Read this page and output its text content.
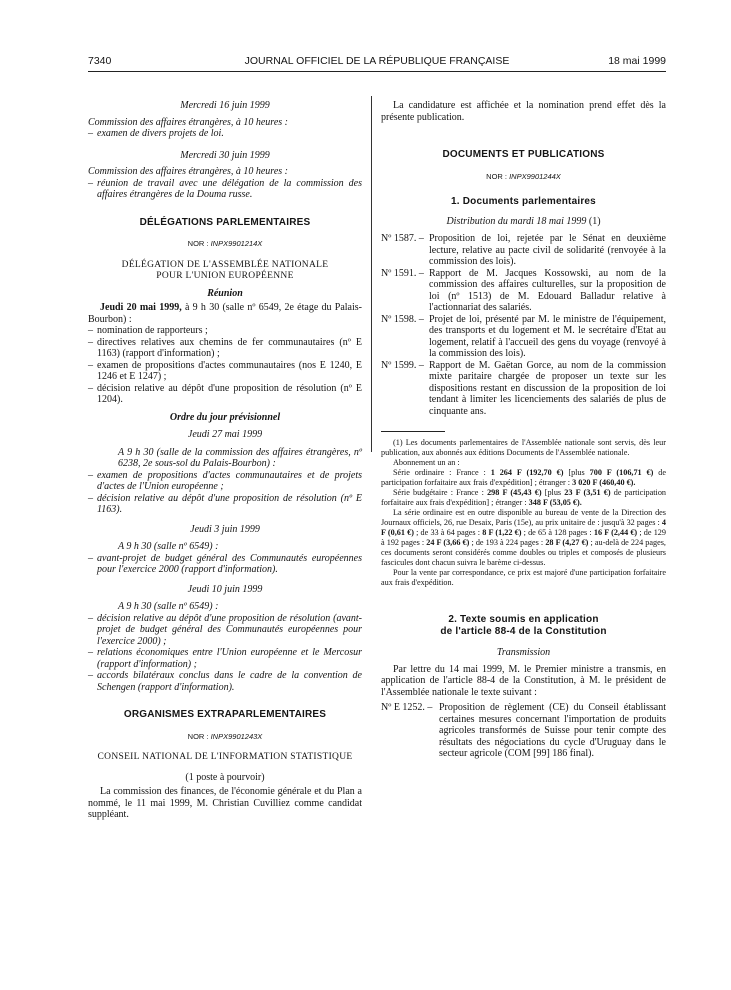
7340	JOURNAL OFFICIEL DE LA RÉPUBLIQUE FRANÇAISE	18 mai 1999

Mercredi 16 juin 1999

Commission des affaires étrangères, à 10 heures :

– examen de divers projets de loi.

Mercredi 30 juin 1999

Commission des affaires étrangères, à 10 heures :

– réunion de travail avec une délégation de la commission des affaires étrangères de la Douma russe.

DÉLÉGATIONS PARLEMENTAIRES

NOR : INPX9901214X

DÉLÉGATION DE L'ASSEMBLÉE NATIONALE

POUR L'UNION EUROPÉENNE

Réunion

Jeudi 20 mai 1999, à 9 h 30 (salle nº 6549, 2e étage du Palais-Bourbon) :

– nomination de rapporteurs ;
– directives relatives aux chemins de fer communautaires (nº E 1163) (rapport d'information) ;
– examen de propositions d'actes communautaires (nos E 1240, E 1246 et E 1247) ;
– décision relative au dépôt d'une proposition de résolution (nº E 1204).

Ordre du jour prévisionnel

Jeudi 27 mai 1999

A 9 h 30 (salle de la commission des affaires étrangères, nº 6238, 2e sous-sol du Palais-Bourbon) :

– examen de propositions d'actes communautaires et de projets d'actes de l'Union européenne ;
– décision relative au dépôt d'une proposition de résolution (nº E 1163).

Jeudi 3 juin 1999

A 9 h 30 (salle nº 6549) :

– avant-projet de budget général des Communautés européennes pour l'exercice 2000 (rapport d'information).

Jeudi 10 juin 1999

A 9 h 30 (salle nº 6549) :

– décision relative au dépôt d'une proposition de résolution (avant-projet de budget général des Communautés européennes pour l'exercice 2000) ;
– relations économiques entre l'Union européenne et le Mercosur (rapport d'information) ;
– accords bilatéraux conclus dans le cadre de la convention de Schengen (rapport d'information).

ORGANISMES EXTRAPARLEMENTAIRES

NOR : INPX9901243X

CONSEIL NATIONAL DE L'INFORMATION STATISTIQUE

(1 poste à pourvoir)

La commission des finances, de l'économie générale et du Plan a nommé, le 11 mai 1999, M. Christian Cuvilliez comme candidat suppléant.

La candidature est affichée et la nomination prend effet dès la présente publication.

DOCUMENTS ET PUBLICATIONS

NOR : INPX9901244X

1. Documents parlementaires

Distribution du mardi 18 mai 1999 (1)

Nº 1587. – Proposition de loi, rejetée par le Sénat en deuxième lecture, relative au pacte civil de solidarité (renvoyée à la commission des lois).
Nº 1591. – Rapport de M. Jacques Kossowski, au nom de la commission des affaires culturelles, sur la proposition de loi (nº 1513) de M. Edouard Balladur relative à l'actionnariat des salariés.
Nº 1598. – Projet de loi, présenté par M. le ministre de l'équipement, des transports et du logement et M. le secrétaire d'Etat au logement, relatif à l'accueil des gens du voyage (renvoyé à la commission des lois).
Nº 1599. – Rapport de M. Gaëtan Gorce, au nom de la commission mixte paritaire chargée de proposer un texte sur les dispositions restant en discussion de la proposition de loi tendant à limiter les licenciements des salariés de plus de cinquante ans.

(1) Les documents parlementaires de l'Assemblée nationale sont servis, dès leur publication, aux abonnés aux éditions Documents de l'Assemblée nationale.

Abonnement un an :

Série ordinaire : France : 1 264 F (192,70 €) [plus 700 F (106,71 €) de participation forfaitaire aux frais d'expédition] ; étranger : 3 020 F (460,40 €).

Série budgétaire : France : 298 F (45,43 €) [plus 23 F (3,51 €) de participation forfaitaire aux frais d'expédition] ; étranger : 348 F (53,05 €).

La série ordinaire est en outre disponible au bureau de vente de la Direction des Journaux officiels, 26, rue Desaix, Paris (15e), au prix unitaire de : jusqu'à 32 pages : 4 F (0,61 €) ; de 33 à 64 pages : 8 F (1,22 €) ; de 65 à 128 pages : 16 F (2,44 €) ; de 129 à 192 pages : 24 F (3,66 €) ; de 193 à 224 pages : 28 F (4,27 €) ; au-delà de 224 pages, ces documents seront considérés comme doubles ou triples et composés de plusieurs fascicules dont chacun suivra le barème ci-dessus.

Pour la vente par correspondance, ce prix est majoré d'une participation forfaitaire aux frais d'expédition.

2. Texte soumis en application

de l'article 88-4 de la Constitution

Transmission

Par lettre du 14 mai 1999, M. le Premier ministre a transmis, en application de l'article 88-4 de la Constitution, à M. le président de l'Assemblée nationale le texte suivant :

Nº E 1252. – Proposition de règlement (CE) du Conseil établissant certaines mesures concernant l'importation de produits agricoles transformés de Suisse pour tenir compte des résultats des négociations du cycle d'Uruguay dans le secteur agricole (COM [99] 186 final).
